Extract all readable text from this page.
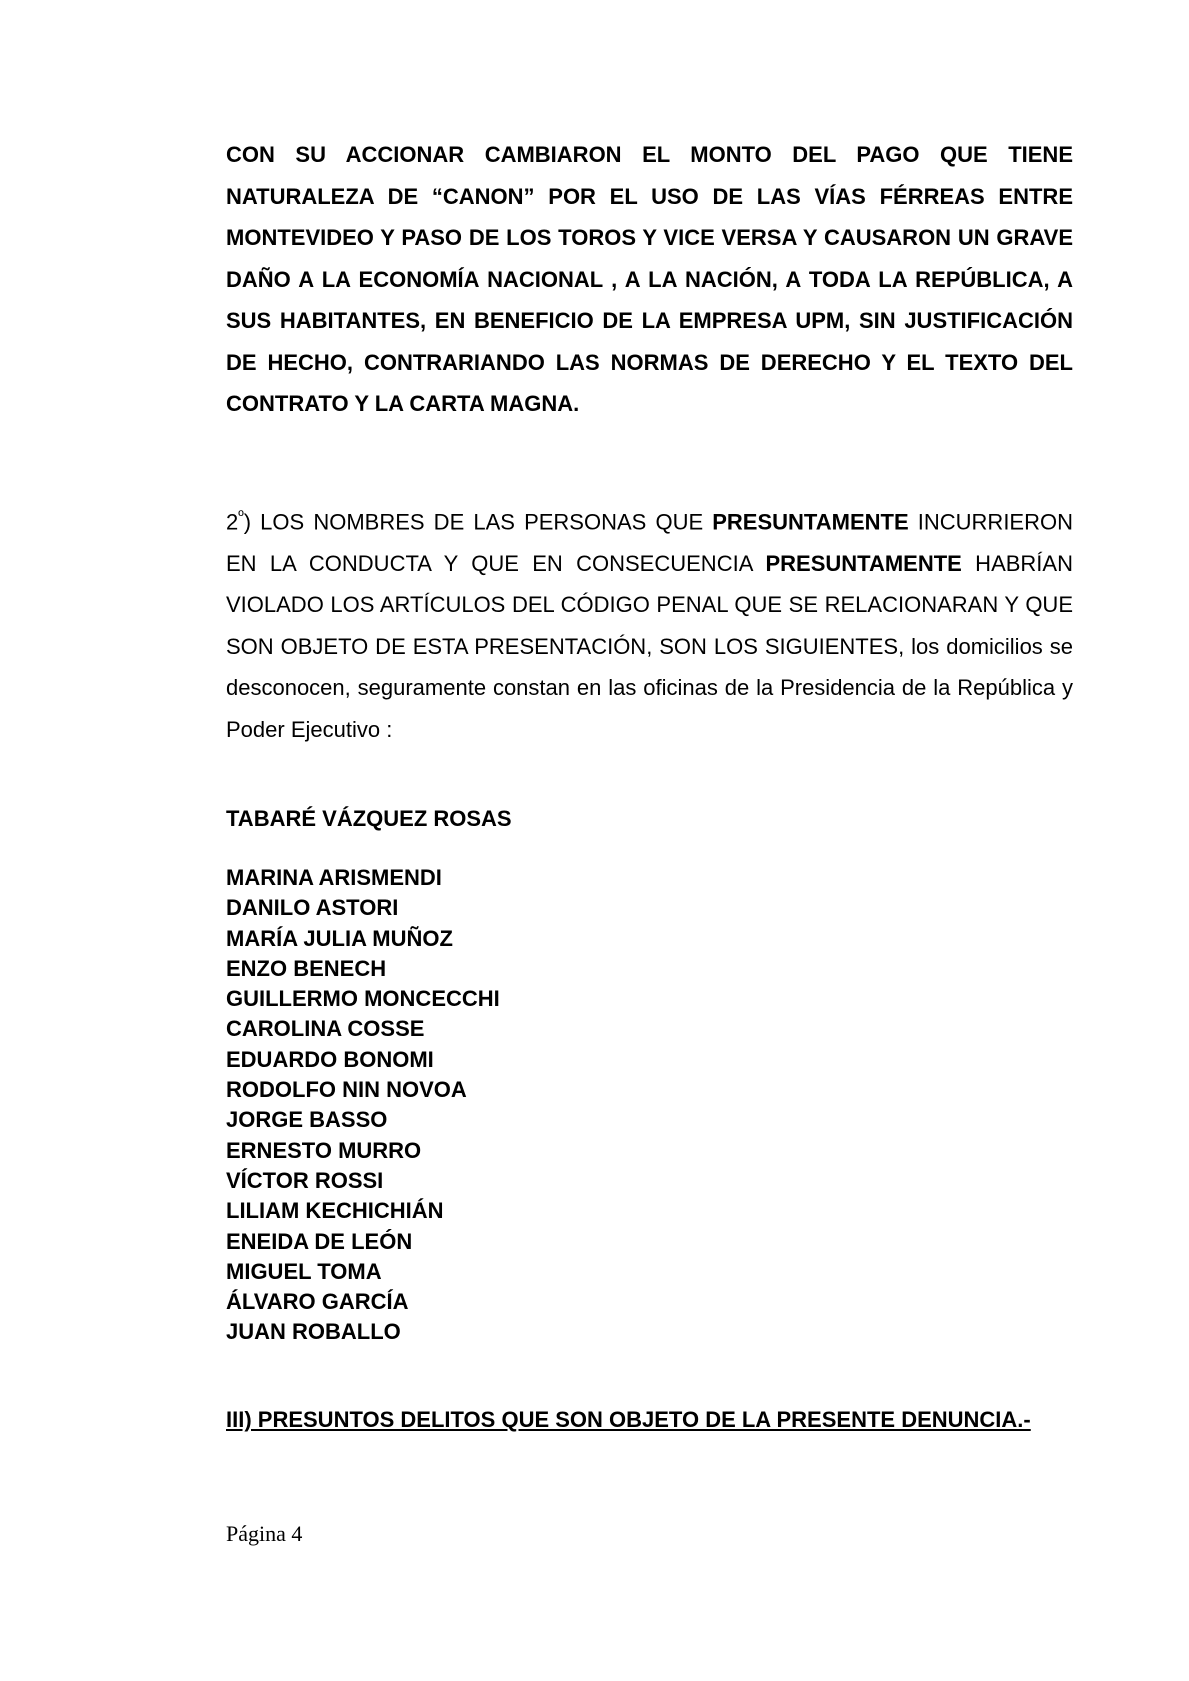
CON SU ACCIONAR CAMBIARON EL MONTO DEL PAGO QUE TIENE NATURALEZA DE “CANON” POR EL USO DE LAS VÍAS FÉRREAS ENTRE MONTEVIDEO Y PASO DE LOS TOROS Y VICE VERSA Y CAUSARON UN GRAVE DAÑO A LA ECONOMÍA NACIONAL , A LA NACIÓN, A TODA LA REPÚBLICA, A SUS HABITANTES, EN BENEFICIO DE LA EMPRESA UPM, SIN JUSTIFICACIÓN DE HECHO, CONTRARIANDO LAS NORMAS DE DERECHO Y EL TEXTO DEL CONTRATO Y LA CARTA MAGNA.

$2^º$) LOS NOMBRES DE LAS PERSONAS QUE PRESUNTAMENTE INCURRIERON EN LA CONDUCTA Y QUE EN CONSECUENCIA PRESUNTAMENTE HABRÍAN VIOLADO LOS ARTÍCULOS DEL CÓDIGO PENAL QUE SE RELACIONARAN Y QUE SON OBJETO DE ESTA PRESENTACIÓN, SON LOS SIGUIENTES, los domicilios se desconocen, seguramente constan en las oficinas de la Presidencia de la República y Poder Ejecutivo :

TABARÉ VÁZQUEZ ROSAS

MARINA ARISMENDI
DANILO ASTORI
MARÍA JULIA MUÑOZ
ENZO BENECH
GUILLERMO MONCECCHI
CAROLINA COSSE
EDUARDO BONOMI
RODOLFO NIN NOVOA
JORGE BASSO
ERNESTO MURRO
VÍCTOR ROSSI
LILIAM KECHICHIÁN
ENEIDA DE LEÓN
MIGUEL TOMA
ÁLVARO GARCÍA
JUAN ROBALLO

III) PRESUNTOS DELITOS QUE SON OBJETO DE LA PRESENTE DENUNCIA.-

Página 4
